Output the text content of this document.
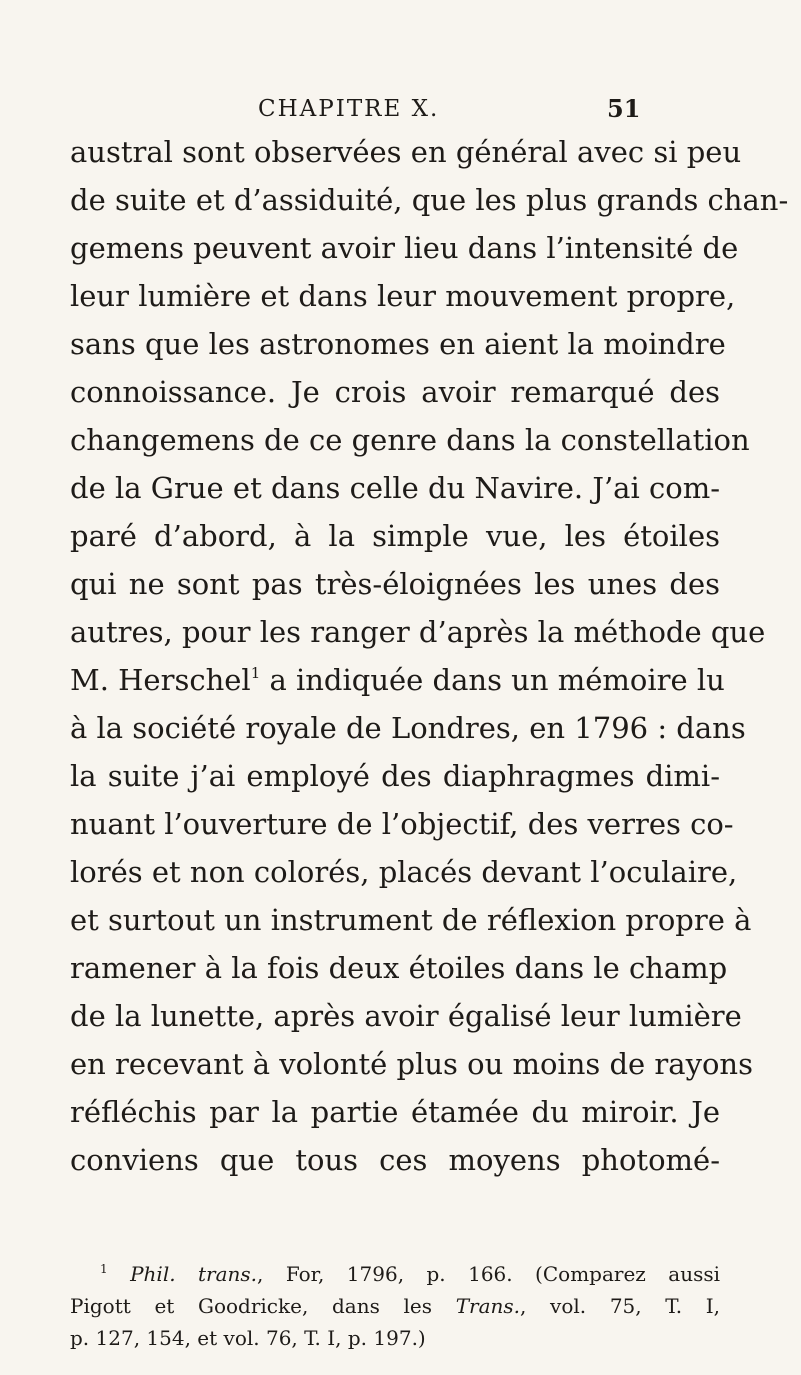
CHAPITRE X.	51
austral sont observées en général avec si peu
de suite et d’assiduité, que les plus grands chan-
gemens peuvent avoir lieu dans l’intensité de
leur lumière et dans leur mouvement propre,
sans que les astronomes en aient la moindre
connoissance. Je crois avoir remarqué des
changemens de ce genre dans la constellation
de la Grue et dans celle du Navire. J’ai com-
paré d’abord, à la simple vue, les étoiles
qui ne sont pas très-éloignées les unes des
autres, pour les ranger d’après la méthode que
M. Herschel$^1$ a indiquée dans un mémoire lu
à la société royale de Londres, en 1796 : dans
la suite j’ai employé des diaphragmes dimi-
nuant l’ouverture de l’objectif, des verres co-
lorés et non colorés, placés devant l’oculaire,
et surtout un instrument de réflexion propre à
ramener à la fois deux étoiles dans le champ
de la lunette, après avoir égalisé leur lumière
en recevant à volonté plus ou moins de rayons
réfléchis par la partie étamée du miroir. Je
conviens que tous ces moyens photomé-
$^1$ Phil. trans., For, 1796, p. 166. (Comparez aussi
Pigott et Goodricke, dans les Trans., vol. 75, T. I,
p. 127, 154, et vol. 76, T. I, p. 197.)
